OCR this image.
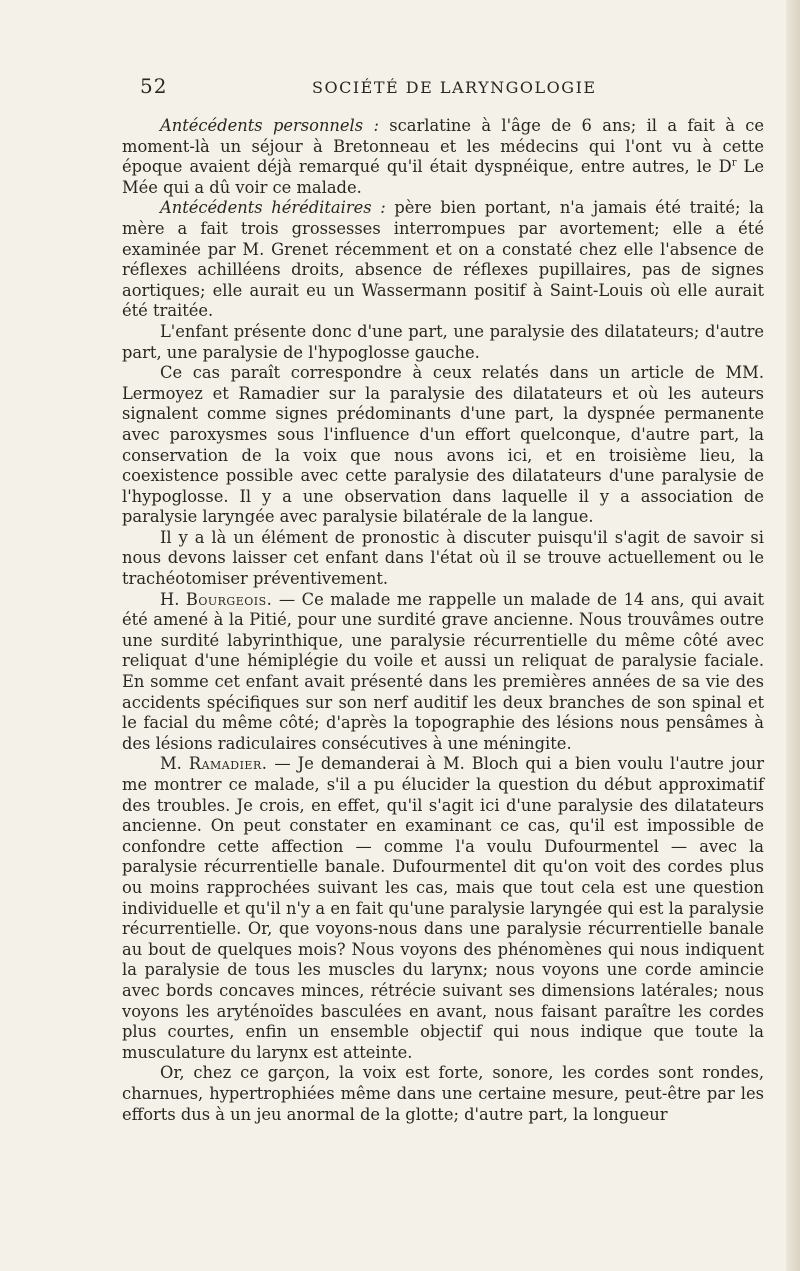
52	SOCIÉTÉ DE LARYNGOLOGIE

Antécédents personnels : scarlatine à l'âge de 6 ans; il a fait à ce moment-là un séjour à Bretonneau et les médecins qui l'ont vu à cette époque avaient déjà remarqué qu'il était dyspnéique, entre autres, le $D^r$ Le Mée qui a dû voir ce malade.

Antécédents héréditaires : père bien portant, n'a jamais été traité; la mère a fait trois grossesses interrompues par avortement; elle a été examinée par M. Grenet récemment et on a constaté chez elle l'absence de réflexes achilléens droits, absence de réflexes pupillaires, pas de signes aortiques; elle aurait eu un Wassermann positif à Saint-Louis où elle aurait été traitée.

L'enfant présente donc d'une part, une paralysie des dilatateurs; d'autre part, une paralysie de l'hypoglosse gauche.

Ce cas paraît correspondre à ceux relatés dans un article de MM. Lermoyez et Ramadier sur la paralysie des dilatateurs et où les auteurs signalent comme signes prédominants d'une part, la dyspnée permanente avec paroxysmes sous l'influence d'un effort quelconque, d'autre part, la conservation de la voix que nous avons ici, et en troisième lieu, la coexistence possible avec cette paralysie des dilatateurs d'une paralysie de l'hypoglosse. Il y a une observation dans laquelle il y a association de paralysie laryngée avec paralysie bilatérale de la langue.

Il y a là un élément de pronostic à discuter puisqu'il s'agit de savoir si nous devons laisser cet enfant dans l'état où il se trouve actuellement ou le trachéotomiser préventivement.

H. Bourgeois. — Ce malade me rappelle un malade de 14 ans, qui avait été amené à la Pitié, pour une surdité grave ancienne. Nous trouvâmes outre une surdité labyrinthique, une paralysie récurrentielle du même côté avec reliquat d'une hémiplégie du voile et aussi un reliquat de paralysie faciale. En somme cet enfant avait présenté dans les premières années de sa vie des accidents spécifiques sur son nerf auditif les deux branches de son spinal et le facial du même côté; d'après la topographie des lésions nous pensâmes à des lésions radiculaires consécutives à une méningite.

M. Ramadier. — Je demanderai à M. Bloch qui a bien voulu l'autre jour me montrer ce malade, s'il a pu élucider la question du début approximatif des troubles. Je crois, en effet, qu'il s'agit ici d'une paralysie des dilatateurs ancienne. On peut constater en examinant ce cas, qu'il est impossible de confondre cette affection — comme l'a voulu Dufourmentel — avec la paralysie récurrentielle banale. Dufourmentel dit qu'on voit des cordes plus ou moins rapprochées suivant les cas, mais que tout cela est une question individuelle et qu'il n'y a en fait qu'une paralysie laryngée qui est la paralysie récurrentielle. Or, que voyons-nous dans une paralysie récurrentielle banale au bout de quelques mois? Nous voyons des phénomènes qui nous indiquent la paralysie de tous les muscles du larynx; nous voyons une corde amincie avec bords concaves minces, rétrécie suivant ses dimensions latérales; nous voyons les aryténoïdes basculées en avant, nous faisant paraître les cordes plus courtes, enfin un ensemble objectif qui nous indique que toute la musculature du larynx est atteinte.

Or, chez ce garçon, la voix est forte, sonore, les cordes sont rondes, charnues, hypertrophiées même dans une certaine mesure, peut-être par les efforts dus à un jeu anormal de la glotte; d'autre part, la longueur
